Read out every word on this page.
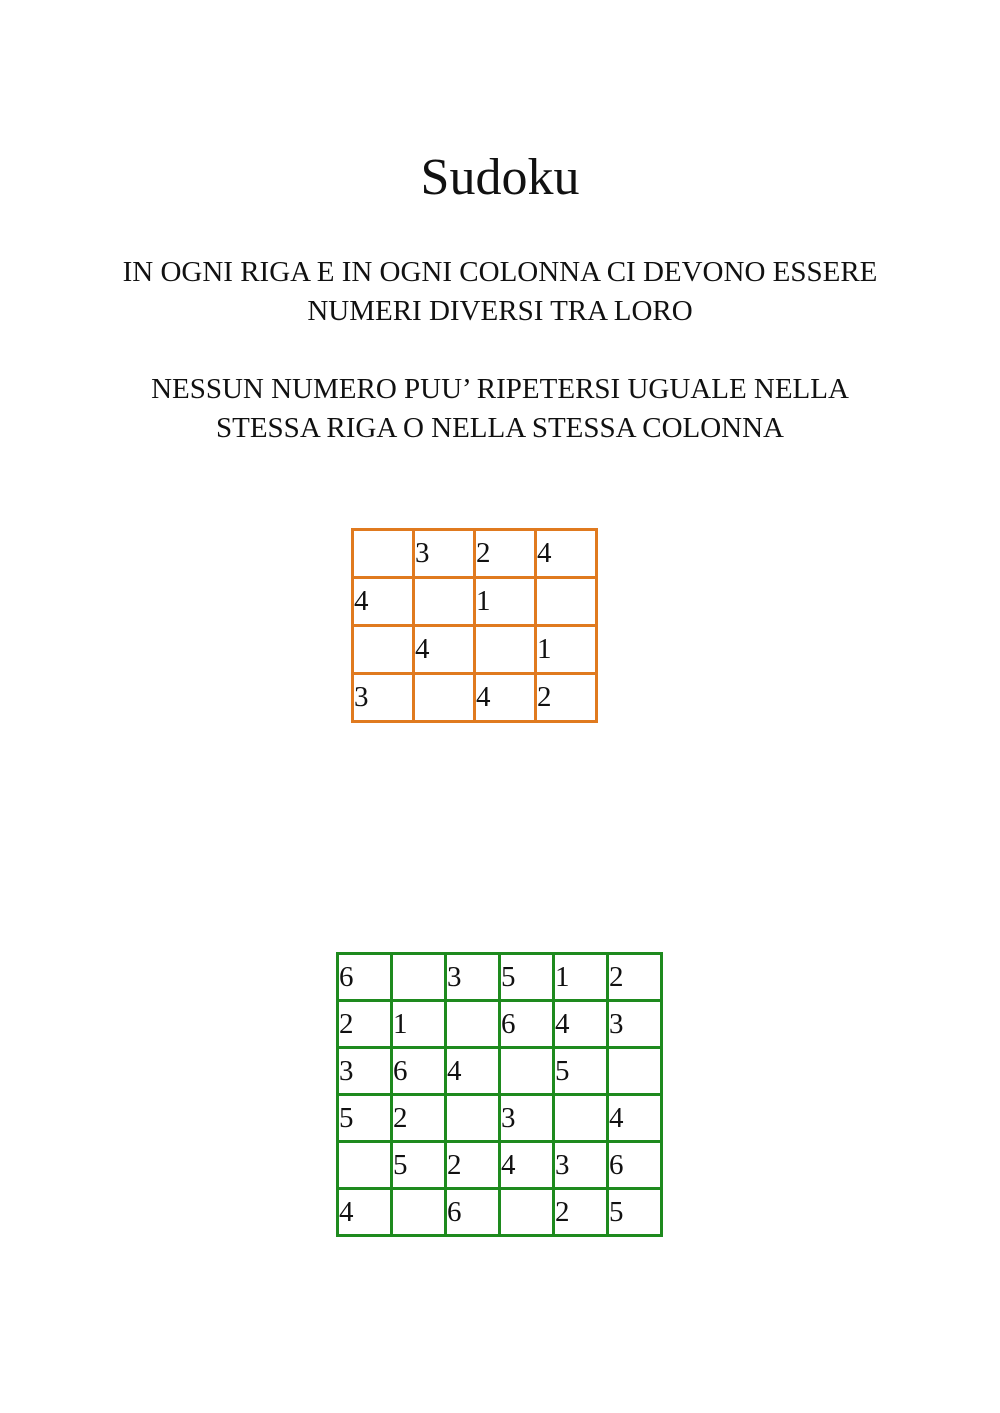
Sudoku
IN OGNI RIGA E IN OGNI COLONNA CI DEVONO ESSERE
NUMERI DIVERSI TRA LORO
NESSUN NUMERO PUU’ RIPETERSI UGUALE NELLA
STESSA RIGA O NELLA STESSA COLONNA
	3	2	4
4		1	
	4		1
3		4	2
6		3	5	1	2
2	1		6	4	3
3	6	4		5	
5	2		3		4
	5	2	4	3	6
4		6		2	5
